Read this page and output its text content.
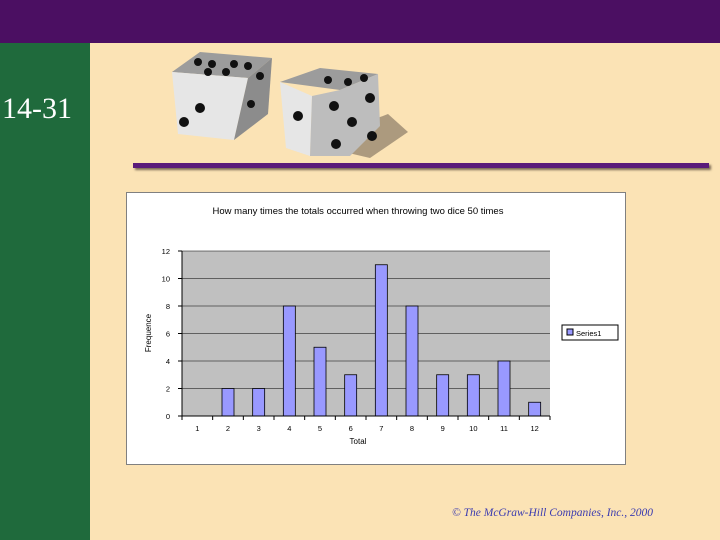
14-31
How many times the totals occurred when throwing two dice 50 times
0
2
4
6
8
10
12
1	2	3	4	5	6	7	8	9	10	11	12
Total
Frequence	Series1
© The McGraw-Hill Companies, Inc., 2000
